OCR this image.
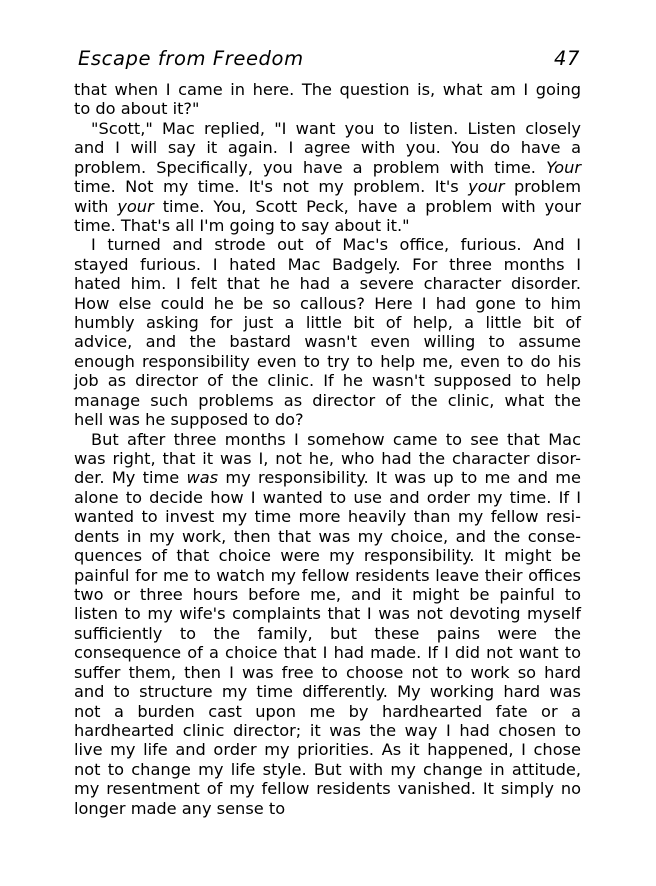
Escape from Freedom	47
that when I came in here. The question is, what am I going
to do about it?"
"Scott," Mac replied, "I want you to listen. Listen closely
and I will say it again. I agree with you. You do have a
problem. Specifically, you have a problem with time. Your
time. Not my time. It's not my problem. It's your problem
with your time. You, Scott Peck, have a problem with your
time. That's all I'm going to say about it."
I turned and strode out of Mac's office, furious. And I
stayed furious. I hated Mac Badgely. For three months I
hated him. I felt that he had a severe character disorder.
How else could he be so callous? Here I had gone to him
humbly asking for just a little bit of help, a little bit of
advice, and the bastard wasn't even willing to assume
enough responsibility even to try to help me, even to do his
job as director of the clinic. If he wasn't supposed to help
manage such problems as director of the clinic, what the
hell was he supposed to do?
But after three months I somehow came to see that Mac
was right, that it was I, not he, who had the character disor-
der. My time was my responsibility. It was up to me and me
alone to decide how I wanted to use and order my time. If I
wanted to invest my time more heavily than my fellow resi-
dents in my work, then that was my choice, and the conse-
quences of that choice were my responsibility. It might be
painful for me to watch my fellow residents leave their offices
two or three hours before me, and it might be painful to
listen to my wife's complaints that I was not devoting myself
sufficiently to the family, but these pains were the
consequence of a choice that I had made. If I did not want to
suffer them, then I was free to choose not to work so hard
and to structure my time differently. My working hard was
not a burden cast upon me by hardhearted fate or a
hardhearted clinic director; it was the way I had chosen to
live my life and order my priorities. As it happened, I chose
not to change my life style. But with my change in attitude,
my resentment of my fellow residents vanished. It simply no
longer made any sense to
